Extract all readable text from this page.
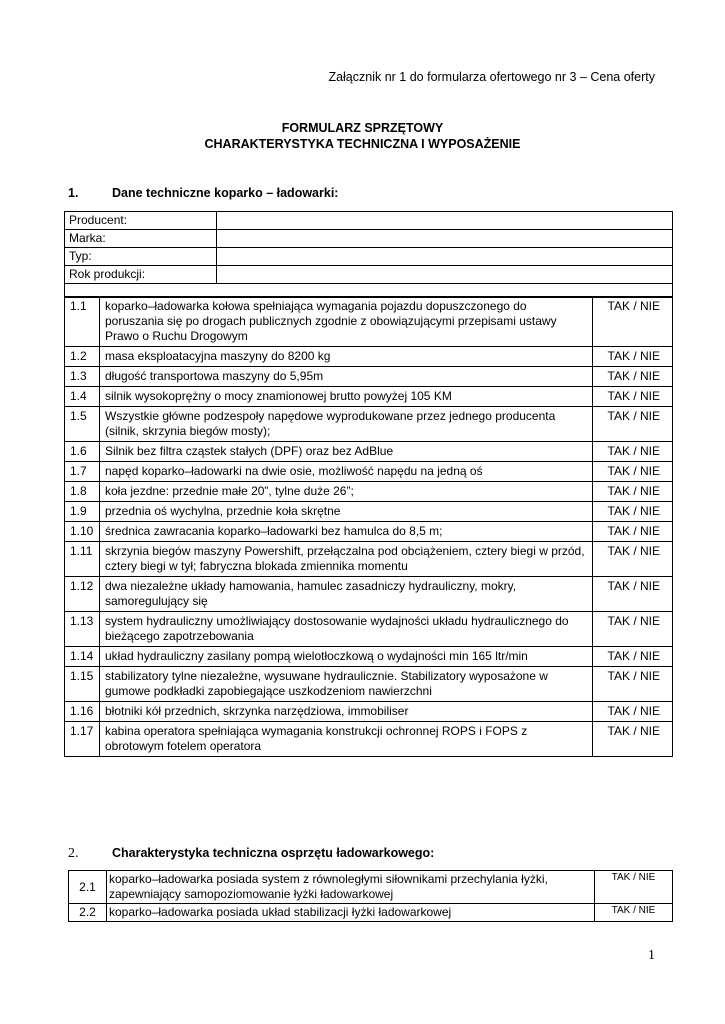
Załącznik nr 1 do formularza ofertowego nr 3 – Cena oferty
FORMULARZ SPRZĘTOWY
CHARAKTERYSTYKA TECHNICZNA I WYPOSAŻENIE
1.	Dane techniczne koparko – ładowarki:
Producent:	
Marka:	
Typ:	
Rok produkcji:	

1.1	koparko–ładowarka kołowa spełniająca wymagania pojazdu dopuszczonego do poruszania się po drogach publicznych zgodnie z obowiązującymi przepisami ustawy Prawo o Ruchu Drogowym	TAK / NIE
1.2	masa eksploatacyjna maszyny do 8200 kg	TAK / NIE
1.3	długość transportowa maszyny do 5,95m	TAK / NIE
1.4	silnik wysokoprężny o mocy znamionowej brutto powyżej 105 KM	TAK / NIE
1.5	Wszystkie główne podzespoły napędowe wyprodukowane przez jednego producenta (silnik, skrzynia biegów mosty);	TAK / NIE
1.6	Silnik bez filtra cząstek stałych (DPF) oraz bez AdBlue	TAK / NIE
1.7	napęd koparko–ładowarki na dwie osie, możliwość napędu na jedną oś	TAK / NIE
1.8	koła jezdne: przednie małe 20”, tylne duże 26”;	TAK / NIE
1.9	przednia oś wychylna, przednie koła skrętne	TAK / NIE
1.10	średnica zawracania koparko–ładowarki bez hamulca do 8,5 m;	TAK / NIE
1.11	skrzynia biegów maszyny Powershift, przełączalna pod obciążeniem, cztery biegi w przód, cztery biegi w tył; fabryczna blokada zmiennika momentu	TAK / NIE
1.12	dwa niezależne układy hamowania, hamulec zasadniczy hydrauliczny, mokry, samoregulujący się	TAK / NIE
1.13	system hydrauliczny umożliwiający dostosowanie wydajności układu hydraulicznego do bieżącego zapotrzebowania	TAK / NIE
1.14	układ hydrauliczny zasilany pompą wielotłoczkową o wydajności min 165 ltr/min	TAK / NIE
1.15	stabilizatory tylne niezależne, wysuwane hydraulicznie. Stabilizatory wyposażone w gumowe podkładki zapobiegające uszkodzeniom nawierzchni	TAK / NIE
1.16	błotniki kół przednich, skrzynka narzędziowa, immobiliser	TAK / NIE
1.17	kabina operatora spełniająca wymagania konstrukcji ochronnej ROPS i FOPS z obrotowym fotelem operatora	TAK / NIE
2.	Charakterystyka techniczna osprzętu ładowarkowego:
2.1	koparko–ładowarka posiada system z równoległymi siłownikami przechylania łyżki, zapewniający samopoziomowanie łyżki ładowarkowej	TAK / NIE
2.2	koparko–ładowarka posiada układ stabilizacji łyżki ładowarkowej	TAK / NIE
1
